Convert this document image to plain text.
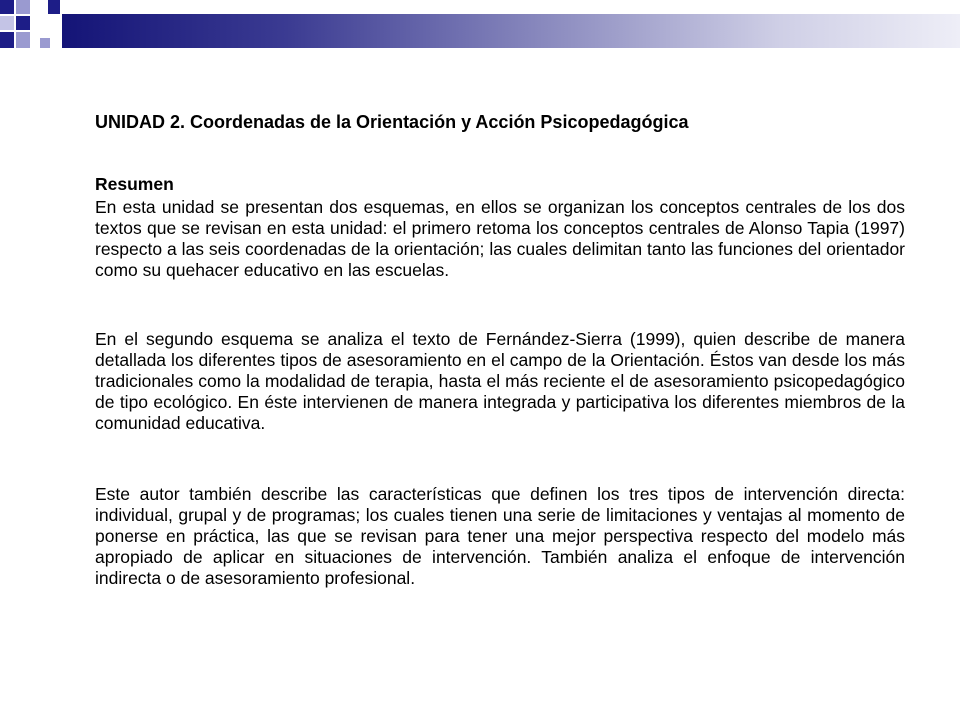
UNIDAD 2. Coordenadas de la Orientación y Acción Psicopedagógica
Resumen

En esta unidad se presentan dos esquemas, en ellos se organizan los conceptos centrales de los dos textos que se revisan en esta unidad: el primero retoma los conceptos centrales de Alonso Tapia (1997) respecto a las seis coordenadas de la orientación; las cuales delimitan tanto las funciones del orientador como su quehacer educativo en las escuelas.

En el segundo esquema se analiza el texto de Fernández-Sierra (1999), quien describe de manera detallada los diferentes tipos de asesoramiento en el campo de la Orientación. Éstos van desde los más tradicionales como la modalidad de terapia, hasta el más reciente el de asesoramiento psicopedagógico de tipo ecológico. En éste intervienen de manera integrada y participativa los diferentes miembros de la comunidad educativa.

Este autor también describe las características que definen los tres tipos de intervención directa: individual, grupal y de programas; los cuales tienen una serie de limitaciones y ventajas al momento de ponerse en práctica, las que se revisan para tener una mejor perspectiva respecto del modelo más apropiado de aplicar en situaciones de intervención. También analiza el enfoque de intervención indirecta o de asesoramiento profesional.
